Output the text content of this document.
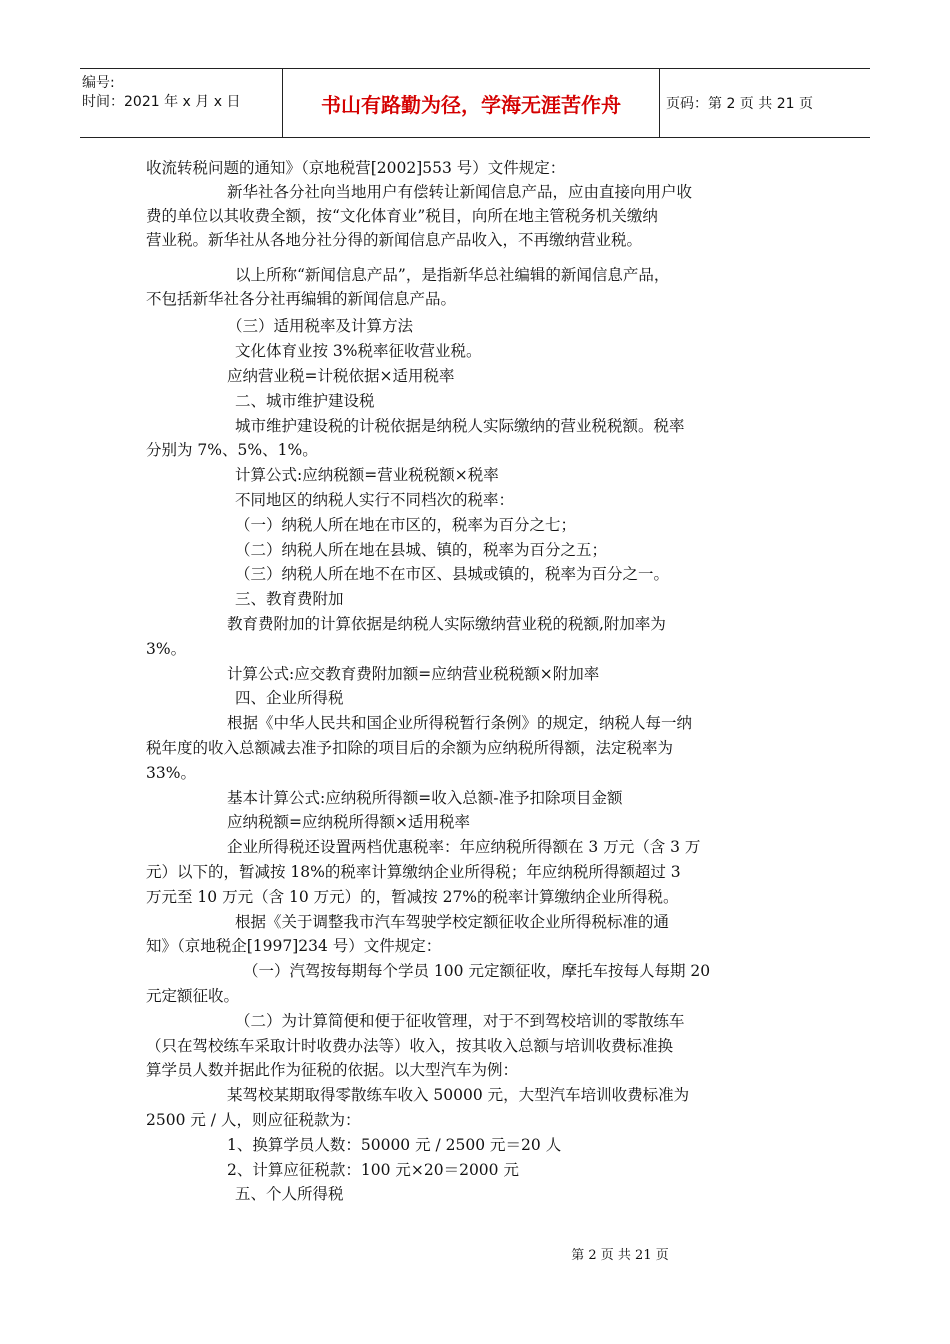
编号:
时间：2021 年 x 月 x 日	书山有路勤为径，学海无涯苦作舟	页码：第 2 页 共 21 页
收流转税问题的通知》（京地税营[2002]553 号）文件规定：
新华社各分社向当地用户有偿转让新闻信息产品，应由直接向用户收
费的单位以其收费全额，按“文化体育业”税目，向所在地主管税务机关缴纳
营业税。新华社从各地分社分得的新闻信息产品收入，不再缴纳营业税。
以上所称“新闻信息产品”，是指新华总社编辑的新闻信息产品，
不包括新华社各分社再编辑的新闻信息产品。
（三）适用税率及计算方法
文化体育业按 3%税率征收营业税。
应纳营业税=计税依据×适用税率
二、城市维护建设税
城市维护建设税的计税依据是纳税人实际缴纳的营业税税额。税率
分别为 7%、5%、1%。
计算公式:应纳税额=营业税税额×税率
不同地区的纳税人实行不同档次的税率：
（一）纳税人所在地在市区的，税率为百分之七；
（二）纳税人所在地在县城、镇的，税率为百分之五；
（三）纳税人所在地不在市区、县城或镇的，税率为百分之一。
三、教育费附加
教育费附加的计算依据是纳税人实际缴纳营业税的税额,附加率为
3%。
计算公式:应交教育费附加额=应纳营业税税额×附加率
四、企业所得税
根据《中华人民共和国企业所得税暂行条例》的规定，纳税人每一纳
税年度的收入总额减去准予扣除的项目后的余额为应纳税所得额，法定税率为
33%。
基本计算公式:应纳税所得额=收入总额-准予扣除项目金额
应纳税额=应纳税所得额×适用税率
企业所得税还设置两档优惠税率：年应纳税所得额在 3 万元（含 3 万
元）以下的，暂减按 18%的税率计算缴纳企业所得税；年应纳税所得额超过 3
万元至 10 万元（含 10 万元）的，暂减按 27%的税率计算缴纳企业所得税。
根据《关于调整我市汽车驾驶学校定额征收企业所得税标准的通
知》（京地税企[1997]234 号）文件规定：
（一）汽驾按每期每个学员 100 元定额征收，摩托车按每人每期 20
元定额征收。
（二）为计算简便和便于征收管理，对于不到驾校培训的零散练车
（只在驾校练车采取计时收费办法等）收入，按其收入总额与培训收费标准换
算学员人数并据此作为征税的依据。以大型汽车为例：
某驾校某期取得零散练车收入 50000 元，大型汽车培训收费标准为
2500 元 / 人，则应征税款为：
1、换算学员人数：50000 元 / 2500 元＝20 人
2、计算应征税款：100 元×20＝2000 元
五、个人所得税
第 2 页 共 21 页
